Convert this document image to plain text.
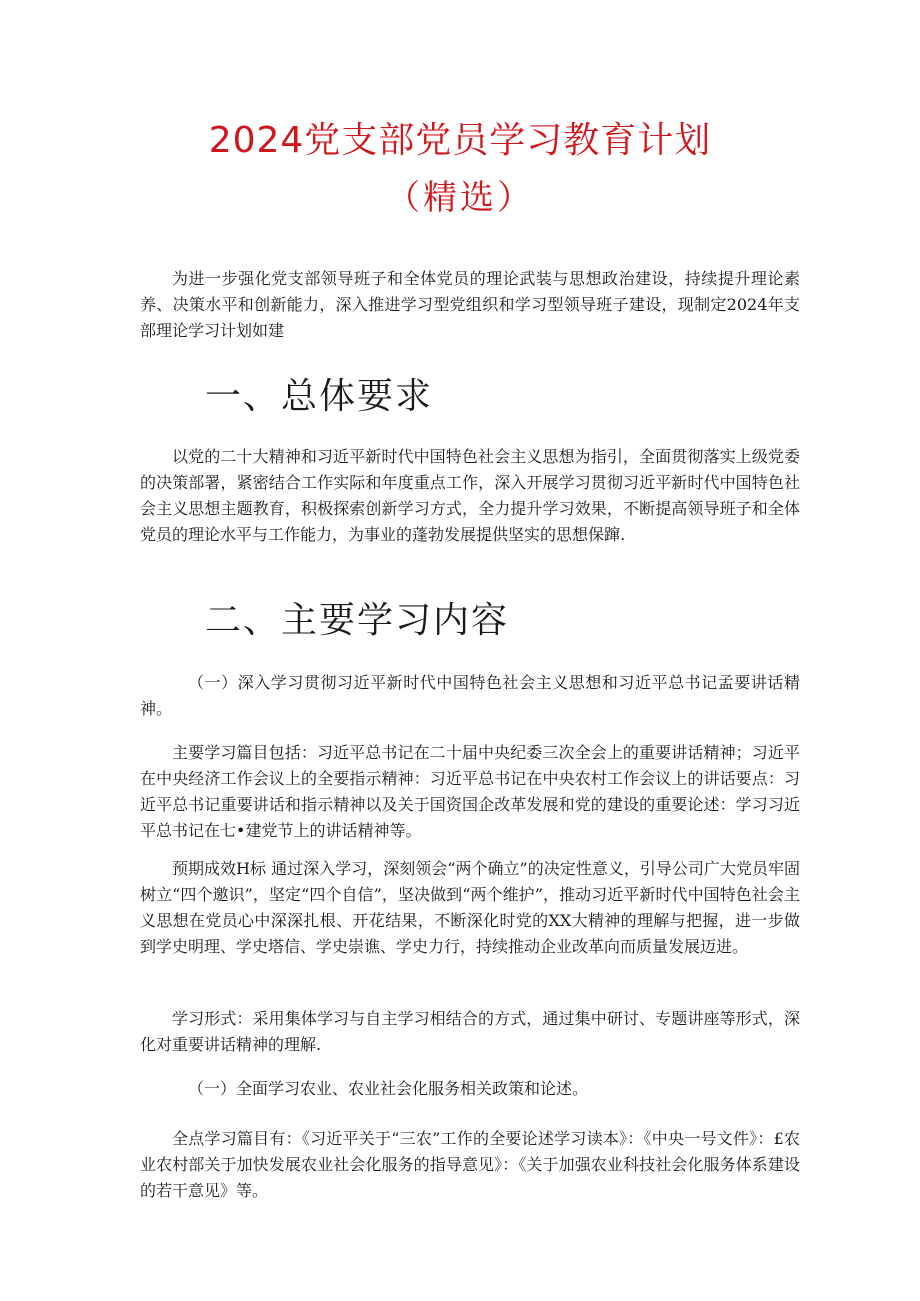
2024党支部党员学习教育计划
（精选）

为进一步强化党支部领导班子和全体党员的理论武装与思想政治建设，持续提升理论素养、决策水平和创新能力，深入推进学习型党组织和学习型领导班子建设，现制定2024年支部理论学习计划如建

一、总体要求

以党的二十大精神和习近平新时代中国特色社会主义思想为指引，全面贯彻落实上级党委的决策部署，紧密结合工作实际和年度重点工作，深入开展学习贯彻习近平新时代中国特色社会主义思想主题教育，积极探索创新学习方式，全力提升学习效果，不断提高领导班子和全体党员的理论水平与工作能力，为事业的蓬勃发展提供坚实的思想保蹿.

二、主要学习内容

（一）深入学习贯彻习近平新时代中国特色社会主义思想和习近平总书记孟要讲话精神。

主要学习篇目包括：习近平总书记在二十届中央纪委三次全会上的重要讲话精神；习近平在中央经济工作会议上的全要指示精神：习近平总书记在中央农村工作会议上的讲话要点：习近平总书记重要讲话和指示精神以及关于国资国企改革发展和党的建设的重要论述：学习习近平总书记在七•建党节上的讲话精神等。

预期成效H标 通过深入学习，深刻领会“两个确立”的决定性意义，引导公司广大党员牢固树立“四个邀识”，坚定“四个自信”，坚决做到“两个维护”，推动习近平新时代中国特色社会主义思想在党员心中深深扎根、开花结果，不断深化时党的XX大精神的理解与把握，进一步做到学史明理、学史塔信、学史崇谯、学史力行，持续推动企业改革向而质量发展迈进。

学习形式：采用集体学习与自主学习相结合的方式，通过集中研讨、专题讲座等形式，深化对重要讲话精神的理解.

（一）全面学习农业、农业社会化服务相关政策和论述。

全点学习篇目有：《习近平关于“三农”工作的全要论述学习读本》：《中央一号文件》：£农业农村部关于加快发展农业社会化服务的指导意见》：《关于加强农业科技社会化服务体系建设的若干意见》等。
